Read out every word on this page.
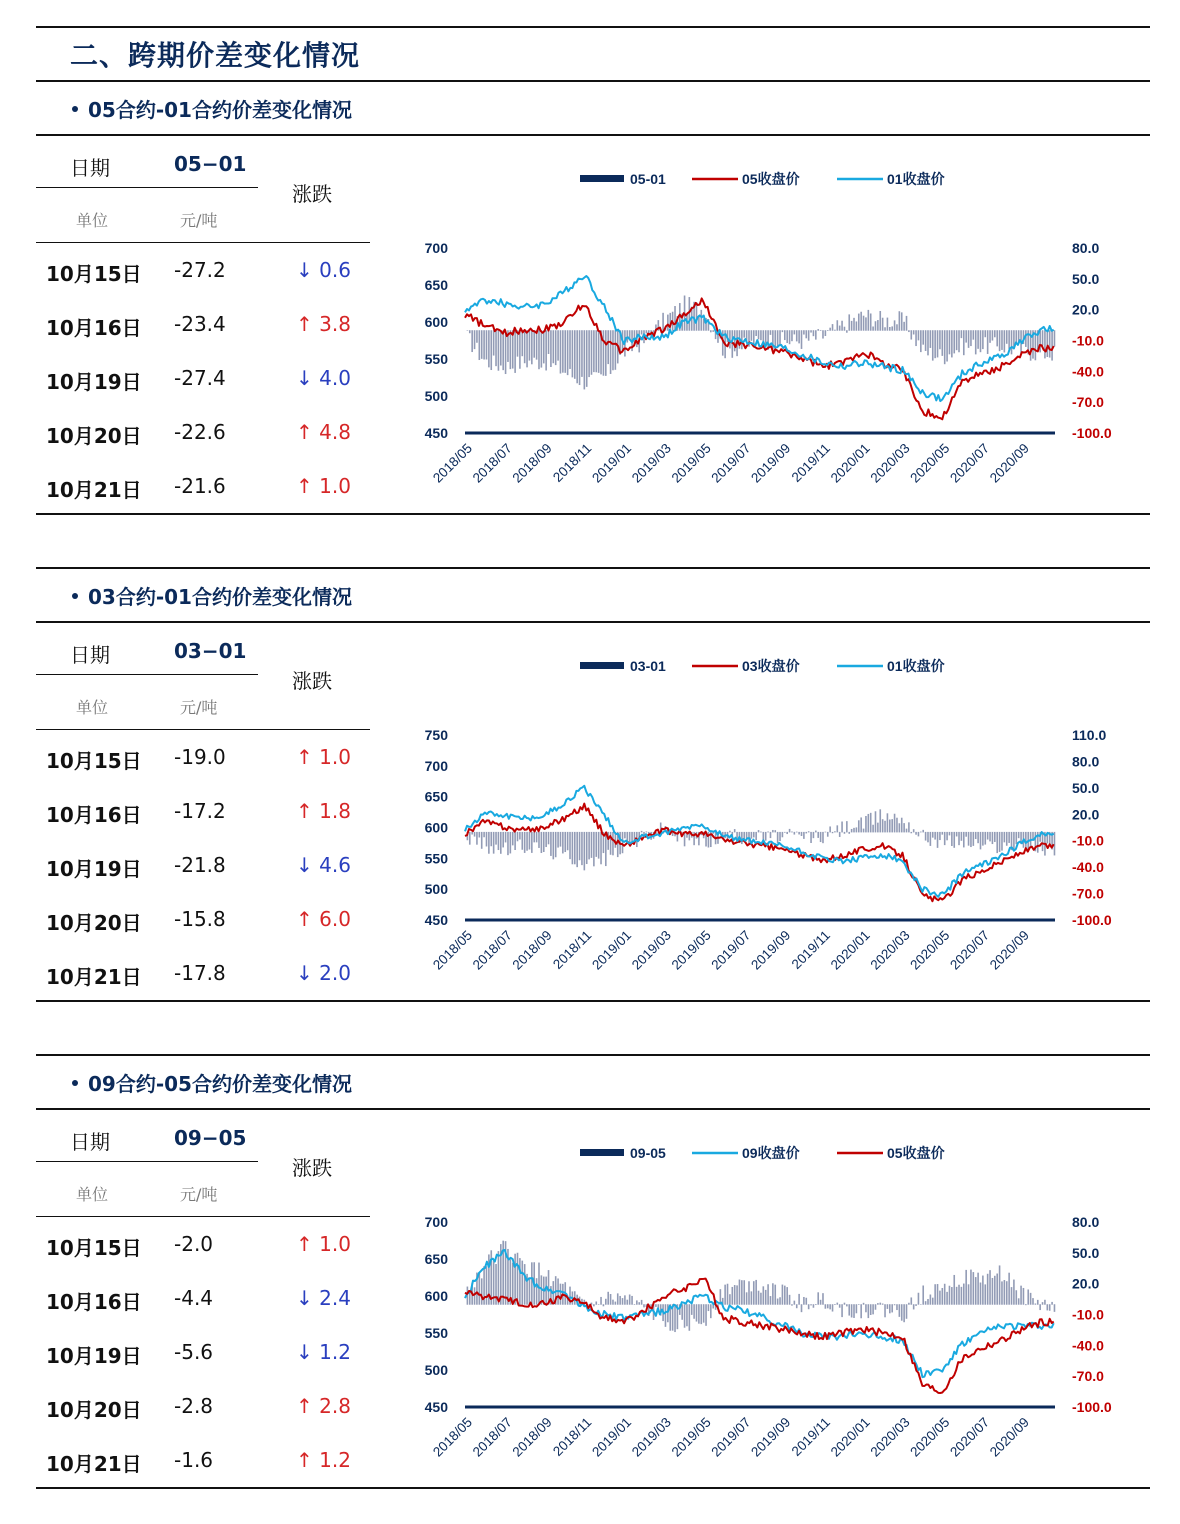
二、跨期价差变化情况
05合约-01合约价差变化情况
日期	05−01
涨跌
单位	元/吨
10月15日 -27.2	↓ 0.6
10月16日 -23.4	↑ 3.8
10月19日 -27.4	↓ 4.0
10月20日 -22.6	↑ 4.8
10月21日 -21.6	↑ 1.0
05-01	05收盘价	01收盘价
700
650
600
550
500
450
80.0
50.0
20.0
-10.0
-40.0
-70.0
-100.0
2018/05
2018/07
2018/09
2018/11
2019/01
2019/03
2019/05
2019/07
2019/09
2019/11
2020/01
2020/03
2020/05
2020/07
2020/09
03合约-01合约价差变化情况
日期	03−01
涨跌
单位	元/吨
10月15日 -19.0	↑ 1.0
10月16日 -17.2	↑ 1.8
10月19日 -21.8	↓ 4.6
10月20日 -15.8	↑ 6.0
10月21日 -17.8	↓ 2.0
03-01	03收盘价	01收盘价
750
700
650
600
550
500
450
110.0
80.0
50.0
20.0
-10.0
-40.0
-70.0
-100.0
2018/05
2018/07
2018/09
2018/11
2019/01
2019/03
2019/05
2019/07
2019/09
2019/11
2020/01
2020/03
2020/05
2020/07
2020/09
09合约-05合约价差变化情况
日期	09−05
涨跌
单位	元/吨
10月15日 -2.0	↑ 1.0
10月16日 -4.4	↓ 2.4
10月19日 -5.6	↓ 1.2
10月20日 -2.8	↑ 2.8
10月21日 -1.6	↑ 1.2
09-05	09收盘价	05收盘价
700
650
600
550
500
450
80.0
50.0
20.0
-10.0
-40.0
-70.0
-100.0
2018/05
2018/07
2018/09
2018/11
2019/01
2019/03
2019/05
2019/07
2019/09
2019/11
2020/01
2020/03
2020/05
2020/07
2020/09
